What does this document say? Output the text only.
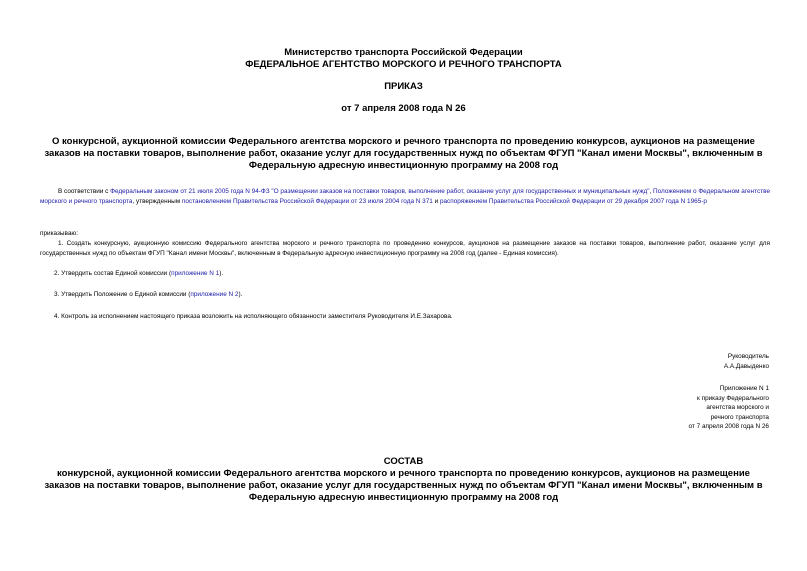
Министерство транспорта Российской Федерации
ФЕДЕРАЛЬНОЕ АГЕНТСТВО МОРСКОГО И РЕЧНОГО ТРАНСПОРТА
ПРИКАЗ
от 7 апреля 2008 года N 26
О конкурсной, аукционной комиссии Федерального агентства морского и речного транспорта по проведению конкурсов, аукционов на размещение заказов на поставки товаров, выполнение работ, оказание услуг для государственных нужд по объектам ФГУП "Канал имени Москвы", включенным в Федеральную адресную инвестиционную программу на 2008 год
В соответствии с Федеральным законом от 21 июля 2005 года N 94-ФЗ "О размещении заказов на поставки товаров, выполнение работ, оказание услуг для государственных и муниципальных нужд", Положением о Федеральном агентстве морского и речного транспорта, утвержденным постановлением Правительства Российской Федерации от 23 июля 2004 года N 371 и распоряжением Правительства Российской Федерации от 29 декабря 2007 года N 1965-р
приказываю:
1. Создать конкурсную, аукционную комиссию Федерального агентства морского и речного транспорта по проведению конкурсов, аукционов на размещение заказов на поставки товаров, выполнение работ, оказание услуг для государственных нужд по объектам ФГУП "Канал имени Москвы", включенным в Федеральную адресную инвестиционную программу на 2008 год (далее - Единая комиссия).
2. Утвердить состав Единой комиссии (приложение N 1).
3. Утвердить Положение о Единой комиссии (приложение N 2).
4. Контроль за исполнением настоящего приказа возложить на исполняющего обязанности заместителя Руководителя И.Е.Захарова.
Руководитель
А.А.Давыденко
Приложение N 1
к приказу Федерального
агентства морского и
речного транспорта
от 7 апреля 2008 года N 26
СОСТАВ
конкурсной, аукционной комиссии Федерального агентства морского и речного транспорта по проведению конкурсов, аукционов на размещение заказов на поставки товаров, выполнение работ, оказание услуг для государственных нужд по объектам ФГУП "Канал имени Москвы", включенным в Федеральную адресную инвестиционную программу на 2008 год
